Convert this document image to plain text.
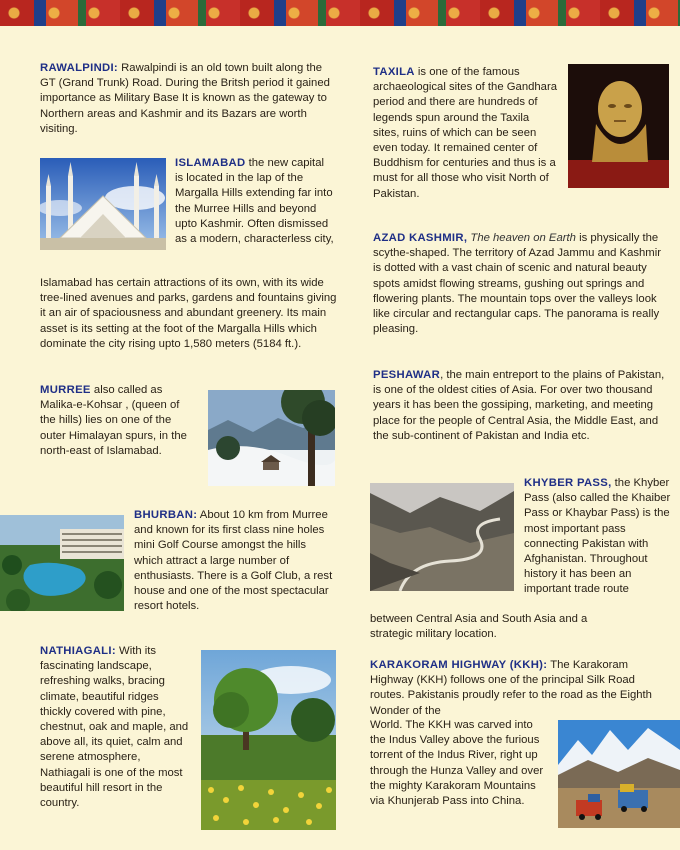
RAWALPINDI: Rawalpindi is an old town built along the GT (Grand Trunk) Road. During the Britsh period it gained importance as Military Base It is known as the gateway to Northern areas and Kashmir and its Bazars are worth visiting.

ISLAMABAD the new capital is located in the lap of the Margalla Hills extending far into the Murree Hills and beyond upto Kashmir. Often dismissed as a modern, characterless city,

Islamabad has certain attractions of its own, with its wide tree-lined avenues and parks, gardens and fountains giving it an air of spaciousness and abundant greenery. Its main asset is its setting at the foot of the Margalla Hills which dominate the city rising upto 1,580 meters (5184 ft.).

MURREE also called as Malika-e-Kohsar , (queen of the hills) lies on one of the outer Himalayan spurs, in the north-east of Islamabad.

BHURBAN: About 10 km from Murree and known for its first class nine holes mini Golf Course amongst the hills which attract a large number of enthusiasts. There is a Golf Club, a rest house and one of the most spectacular resort hotels.

NATHIAGALI: With its fascinating landscape, refreshing walks, bracing climate, beautiful ridges thickly covered with pine, chestnut, oak and maple, and above all, its quiet, calm and serene atmosphere, Nathiagali is one of the most beautiful hill resort in the country.

TAXILA is one of the famous archaeological sites of the Gandhara period and there are hundreds of legends spun around the Taxila sites, ruins of which can be seen even today. It remained center of Buddhism for centuries and thus is a must for all those who visit North of Pakistan.

AZAD KASHMIR, The heaven on Earth is physically the scythe-shaped. The territory of Azad Jammu and Kashmir is dotted with a vast chain of scenic and natural beauty spots amidst flowing streams, gushing out springs and flowering plants. The mountain tops over the valleys look like circular and rectangular caps. The panorama is really pleasing.

PESHAWAR, the main entreport to the plains of Pakistan, is one of the oldest cities of Asia. For over two thousand years it has been the gossiping, marketing, and meeting place for the people of Central Asia, the Middle East, and the sub-continent of Pakistan and India etc.

KHYBER PASS, the Khyber Pass (also called the Khaiber Pass or Khaybar Pass) is the most important pass connecting Pakistan with Afghanistan. Throughout history it has been an important trade route

between Central Asia and South Asia and a strategic military location.

KARAKORAM HIGHWAY (KKH): The Karakoram Highway (KKH) follows one of the principal Silk Road routes. Pakistanis proudly refer to the road as the Eighth Wonder of the

World. The KKH was carved into the Indus Valley above the furious torrent of the Indus River, right up through the Hunza Valley and over the mighty Karakoram Mountains via Khunjerab Pass into China.
